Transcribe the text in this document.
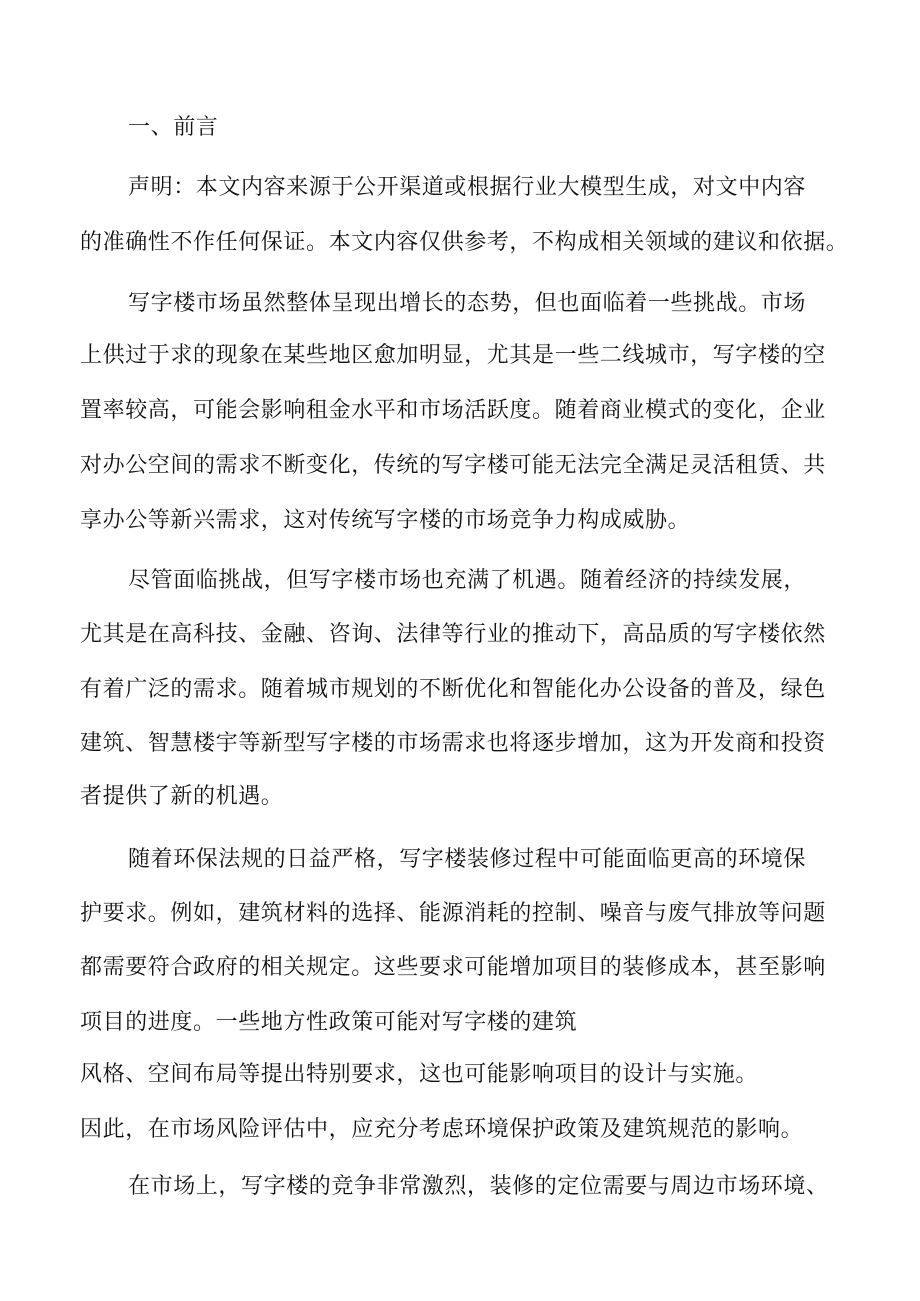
一、前言
声明：本文内容来源于公开渠道或根据行业大模型生成，对文中内容
的准确性不作任何保证。本文内容仅供参考，不构成相关领域的建议和依据。
写字楼市场虽然整体呈现出增长的态势，但也面临着一些挑战。市场
上供过于求的现象在某些地区愈加明显，尤其是一些二线城市，写字楼的空
置率较高，可能会影响租金水平和市场活跃度。随着商业模式的变化，企业
对办公空间的需求不断变化，传统的写字楼可能无法完全满足灵活租赁、共
享办公等新兴需求，这对传统写字楼的市场竞争力构成威胁。
尽管面临挑战，但写字楼市场也充满了机遇。随着经济的持续发展，
尤其是在高科技、金融、咨询、法律等行业的推动下，高品质的写字楼依然
有着广泛的需求。随着城市规划的不断优化和智能化办公设备的普及，绿色
建筑、智慧楼宇等新型写字楼的市场需求也将逐步增加，这为开发商和投资
者提供了新的机遇。
随着环保法规的日益严格，写字楼装修过程中可能面临更高的环境保
护要求。例如，建筑材料的选择、能源消耗的控制、噪音与废气排放等问题
都需要符合政府的相关规定。这些要求可能增加项目的装修成本，甚至影响
项目的进度。一些地方性政策可能对写字楼的建筑
风格、空间布局等提出特别要求，这也可能影响项目的设计与实施。
因此，在市场风险评估中，应充分考虑环境保护政策及建筑规范的影响。
在市场上，写字楼的竞争非常激烈，装修的定位需要与周边市场环境、
